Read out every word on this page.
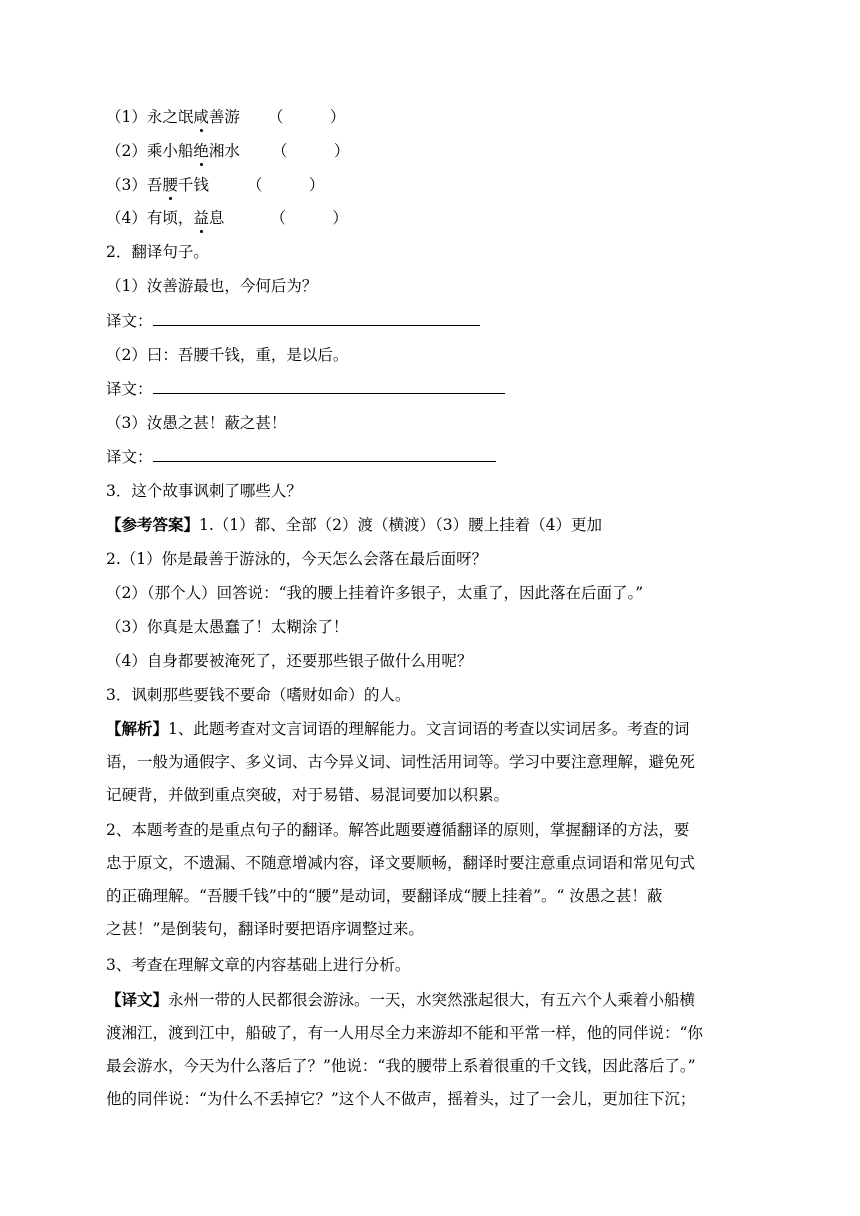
（1）永之氓咸善游 （　　　）
（2）乘小船绝湘水 （　　　）
（3）吾腰千钱 （　　　）
（4）有顷，益息	（　　　）
2．翻译句子。
（1）汝善游最也，今何后为？
译文：
（2）曰：吾腰千钱，重，是以后。
译文：
（3）汝愚之甚！蔽之甚！
译文：
3．这个故事讽刺了哪些人？
【参考答案】1.（1）都、全部（2）渡（横渡）（3）腰上挂着（4）更加
2.（1）你是最善于游泳的，今天怎么会落在最后面呀？
（2）（那个人）回答说：“我的腰上挂着许多银子，太重了，因此落在后面了。”
（3）你真是太愚蠢了！太糊涂了！
（4）自身都要被淹死了，还要那些银子做什么用呢？
3．讽刺那些要钱不要命（嗜财如命）的人。
【解析】1、此题考查对文言词语的理解能力。文言词语的考查以实词居多。考查的词
语，一般为通假字、多义词、古今异义词、词性活用词等。学习中要注意理解，避免死
记硬背，并做到重点突破，对于易错、易混词要加以积累。
2、本题考查的是重点句子的翻译。解答此题要遵循翻译的原则，掌握翻译的方法，要
忠于原文，不遗漏、不随意增减内容，译文要顺畅，翻译时要注意重点词语和常见句式
的正确理解。“吾腰千钱”中的“腰”是动词，要翻译成“腰上挂着”。“ 汝愚之甚！蔽
之甚！”是倒装句，翻译时要把语序调整过来。
3、考查在理解文章的内容基础上进行分析。
【译文】永州一带的人民都很会游泳。一天，水突然涨起很大，有五六个人乘着小船横
渡湘江，渡到江中，船破了，有一人用尽全力来游却不能和平常一样，他的同伴说：“你
最会游水，今天为什么落后了？”他说：“我的腰带上系着很重的千文钱，因此落后了。”
他的同伴说：“为什么不丢掉它？”这个人不做声，摇着头，过了一会儿，更加往下沉；
